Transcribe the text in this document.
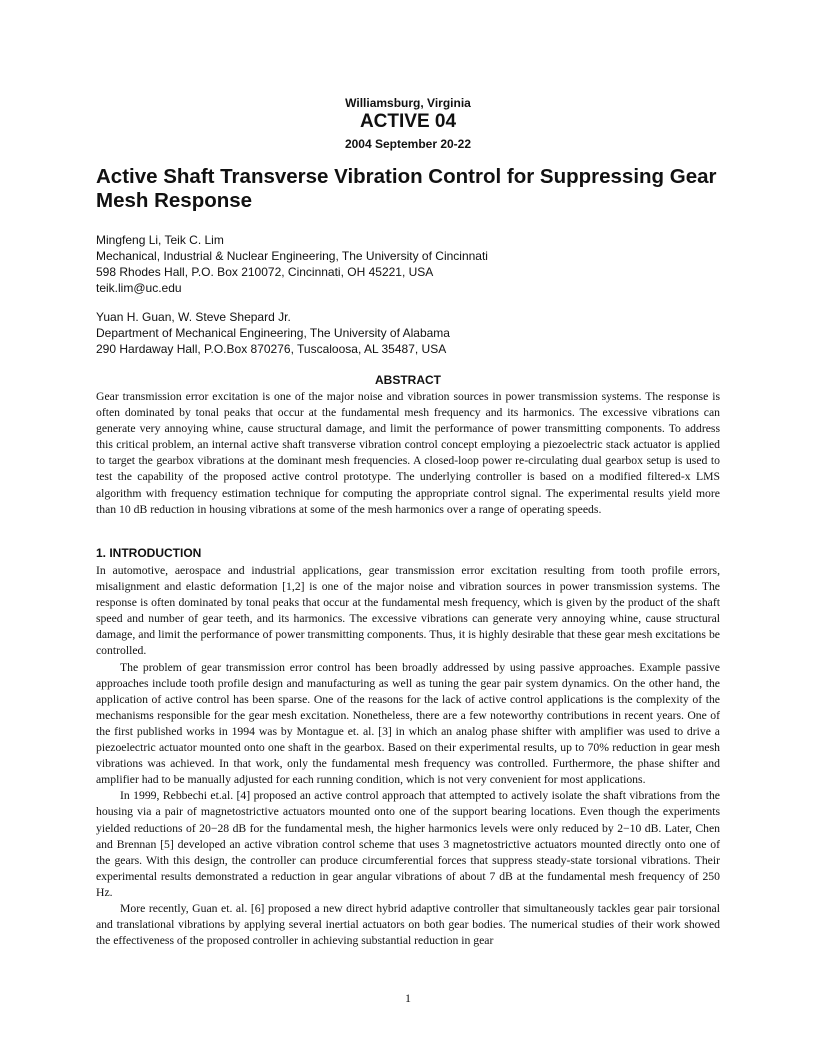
Williamsburg, Virginia
ACTIVE 04
2004 September 20-22
Active Shaft Transverse Vibration Control for Suppressing Gear Mesh Response
Mingfeng Li, Teik C. Lim
Mechanical, Industrial & Nuclear Engineering, The University of Cincinnati
598 Rhodes Hall, P.O. Box 210072, Cincinnati, OH 45221, USA
teik.lim@uc.edu
Yuan H. Guan, W. Steve Shepard Jr.
Department of Mechanical Engineering, The University of Alabama
290 Hardaway Hall, P.O.Box 870276, Tuscaloosa, AL 35487, USA
ABSTRACT

Gear transmission error excitation is one of the major noise and vibration sources in power transmission systems. The response is often dominated by tonal peaks that occur at the fundamental mesh frequency and its harmonics. The excessive vibrations can generate very annoying whine, cause structural damage, and limit the performance of power transmitting components. To address this critical problem, an internal active shaft transverse vibration control concept employing a piezoelectric stack actuator is applied to target the gearbox vibrations at the dominant mesh frequencies. A closed-loop power re-circulating dual gearbox setup is used to test the capability of the proposed active control prototype. The underlying controller is based on a modified filtered-x LMS algorithm with frequency estimation technique for computing the appropriate control signal. The experimental results yield more than 10 dB reduction in housing vibrations at some of the mesh harmonics over a range of operating speeds.

1. INTRODUCTION

In automotive, aerospace and industrial applications, gear transmission error excitation resulting from tooth profile errors, misalignment and elastic deformation [1,2] is one of the major noise and vibration sources in power transmission systems. The response is often dominated by tonal peaks that occur at the fundamental mesh frequency, which is given by the product of the shaft speed and number of gear teeth, and its harmonics. The excessive vibrations can generate very annoying whine, cause structural damage, and limit the performance of power transmitting components. Thus, it is highly desirable that these gear mesh excitations be controlled.

The problem of gear transmission error control has been broadly addressed by using passive approaches. Example passive approaches include tooth profile design and manufacturing as well as tuning the gear pair system dynamics. On the other hand, the application of active control has been sparse. One of the reasons for the lack of active control applications is the complexity of the mechanisms responsible for the gear mesh excitation. Nonetheless, there are a few noteworthy contributions in recent years. One of the first published works in 1994 was by Montague et. al. [3] in which an analog phase shifter with amplifier was used to drive a piezoelectric actuator mounted onto one shaft in the gearbox. Based on their experimental results, up to 70% reduction in gear mesh vibrations was achieved. In that work, only the fundamental mesh frequency was controlled. Furthermore, the phase shifter and amplifier had to be manually adjusted for each running condition, which is not very convenient for most applications.

In 1999, Rebbechi et.al. [4] proposed an active control approach that attempted to actively isolate the shaft vibrations from the housing via a pair of magnetostrictive actuators mounted onto one of the support bearing locations. Even though the experiments yielded reductions of 20−28 dB for the fundamental mesh, the higher harmonics levels were only reduced by 2−10 dB. Later, Chen and Brennan [5] developed an active vibration control scheme that uses 3 magnetostrictive actuators mounted directly onto one of the gears. With this design, the controller can produce circumferential forces that suppress steady-state torsional vibrations. Their experimental results demonstrated a reduction in gear angular vibrations of about 7 dB at the fundamental mesh frequency of 250 Hz.

More recently, Guan et. al. [6] proposed a new direct hybrid adaptive controller that simultaneously tackles gear pair torsional and translational vibrations by applying several inertial actuators on both gear bodies. The numerical studies of their work showed the effectiveness of the proposed controller in achieving substantial reduction in gear

1
